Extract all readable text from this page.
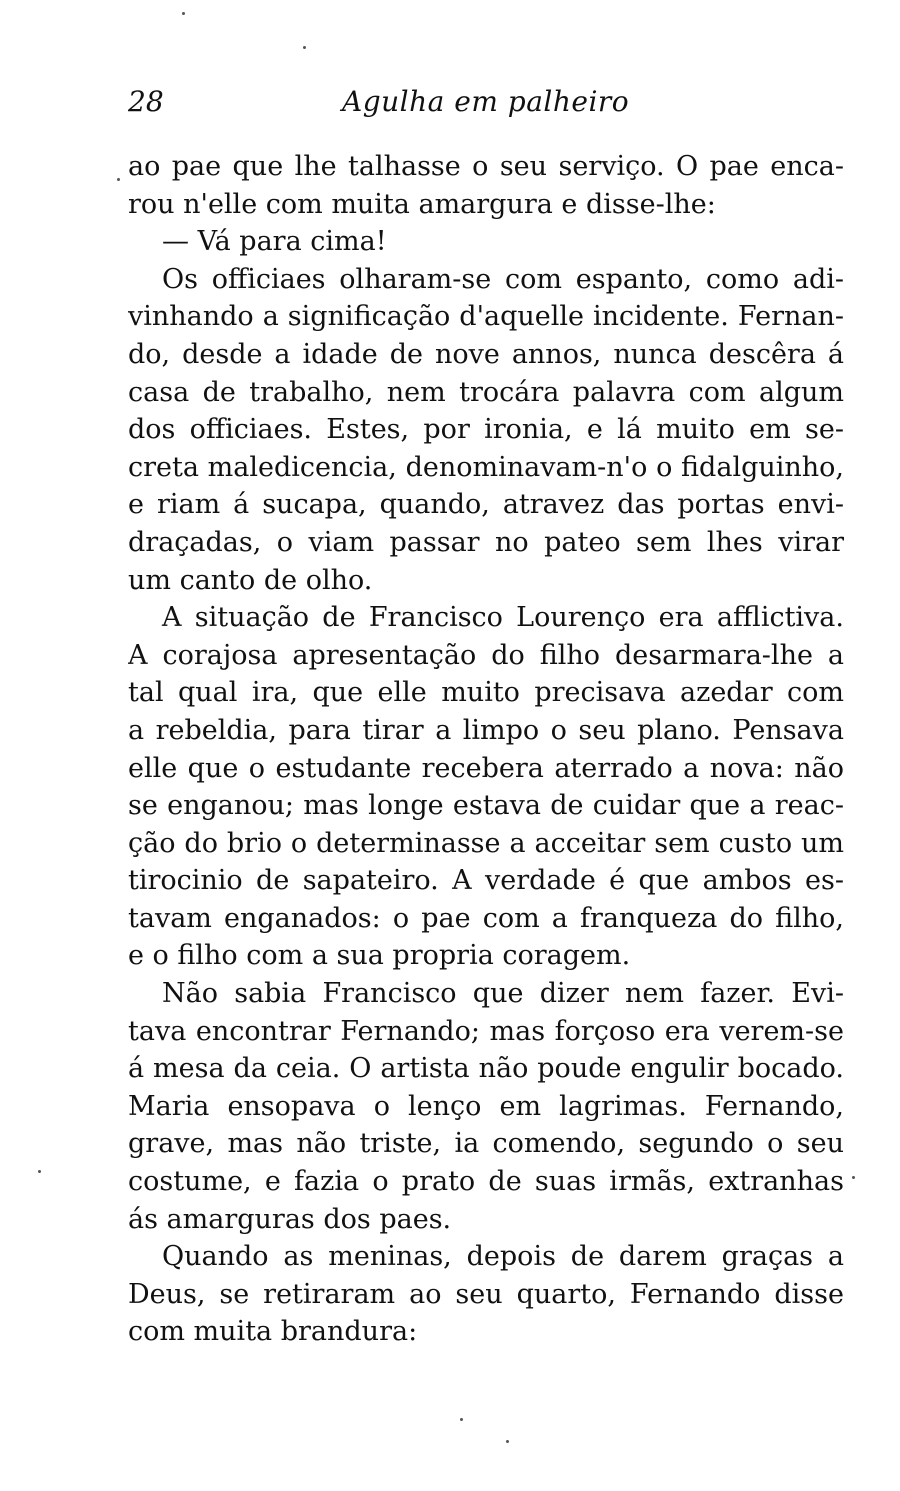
28	Agulha em palheiro
ao pae que lhe talhasse o seu serviço. O pae enca-
rou n'elle com muita amargura e disse-lhe:
— Vá para cima!
Os officiaes olharam-se com espanto, como adi-
vinhando a significação d'aquelle incidente. Fernan-
do, desde a idade de nove annos, nunca descêra á
casa de trabalho, nem trocára palavra com algum
dos officiaes. Estes, por ironia, e lá muito em se-
creta maledicencia, denominavam-n'o o fidalguinho,
e riam á sucapa, quando, atravez das portas envi-
draçadas, o viam passar no pateo sem lhes virar
um canto de olho.
A situação de Francisco Lourenço era afflictiva.
A corajosa apresentação do filho desarmara-lhe a
tal qual ira, que elle muito precisava azedar com
a rebeldia, para tirar a limpo o seu plano. Pensava
elle que o estudante recebera aterrado a nova: não
se enganou; mas longe estava de cuidar que a reac-
ção do brio o determinasse a acceitar sem custo um
tirocinio de sapateiro. A verdade é que ambos es-
tavam enganados: o pae com a franqueza do filho,
e o filho com a sua propria coragem.
Não sabia Francisco que dizer nem fazer. Evi-
tava encontrar Fernando; mas forçoso era verem-se
á mesa da ceia. O artista não poude engulir bocado.
Maria ensopava o lenço em lagrimas. Fernando,
grave, mas não triste, ia comendo, segundo o seu
costume, e fazia o prato de suas irmãs, extranhas
ás amarguras dos paes.
Quando as meninas, depois de darem graças a
Deus, se retiraram ao seu quarto, Fernando disse
com muita brandura:
